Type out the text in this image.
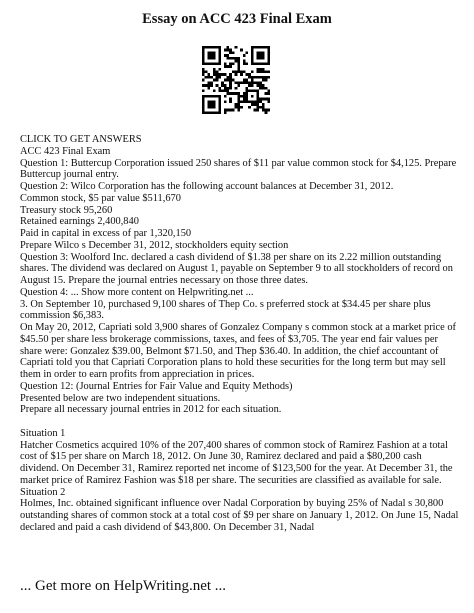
Essay on ACC 423 Final Exam

CLICK TO GET ANSWERS

ACC 423 Final Exam

Question 1: Buttercup Corporation issued 250 shares of $11 par value common stock for $4,125. Prepare Buttercup journal entry.

Question 2: Wilco Corporation has the following account balances at December 31, 2012.

Common stock, $5 par value $511,670

Treasury stock 95,260

Retained earnings 2,400,840

Paid in capital in excess of par 1,320,150

Prepare Wilco s December 31, 2012, stockholders equity section

Question 3: Woolford Inc. declared a cash dividend of $1.38 per share on its 2.22 million outstanding shares. The dividend was declared on August 1, payable on September 9 to all stockholders of record on August 15. Prepare the journal entries necessary on those three dates.

Question 4: ... Show more content on Helpwriting.net ...

3. On September 10, purchased 9,100 shares of Thep Co. s preferred stock at $34.45 per share plus commission $6,383.

On May 20, 2012, Capriati sold 3,900 shares of Gonzalez Company s common stock at a market price of $45.50 per share less brokerage commissions, taxes, and fees of $3,705. The year end fair values per share were: Gonzalez $39.00, Belmont $71.50, and Thep $36.40. In addition, the chief accountant of Capriati told you that Capriati Corporation plans to hold these securities for the long term but may sell them in order to earn profits from appreciation in prices.

Question 12: (Journal Entries for Fair Value and Equity Methods)

Presented below are two independent situations.

Prepare all necessary journal entries in 2012 for each situation.

Situation 1

Hatcher Cosmetics acquired 10% of the 207,400 shares of common stock of Ramirez Fashion at a total cost of $15 per share on March 18, 2012. On June 30, Ramirez declared and paid a $80,200 cash dividend. On December 31, Ramirez reported net income of $123,500 for the year. At December 31, the market price of Ramirez Fashion was $18 per share. The securities are classified as available for sale.

Situation 2

Holmes, Inc. obtained significant influence over Nadal Corporation by buying 25% of Nadal s 30,800 outstanding shares of common stock at a total cost of $9 per share on January 1, 2012. On June 15, Nadal declared and paid a cash dividend of $43,800. On December 31, Nadal

... Get more on HelpWriting.net ...
